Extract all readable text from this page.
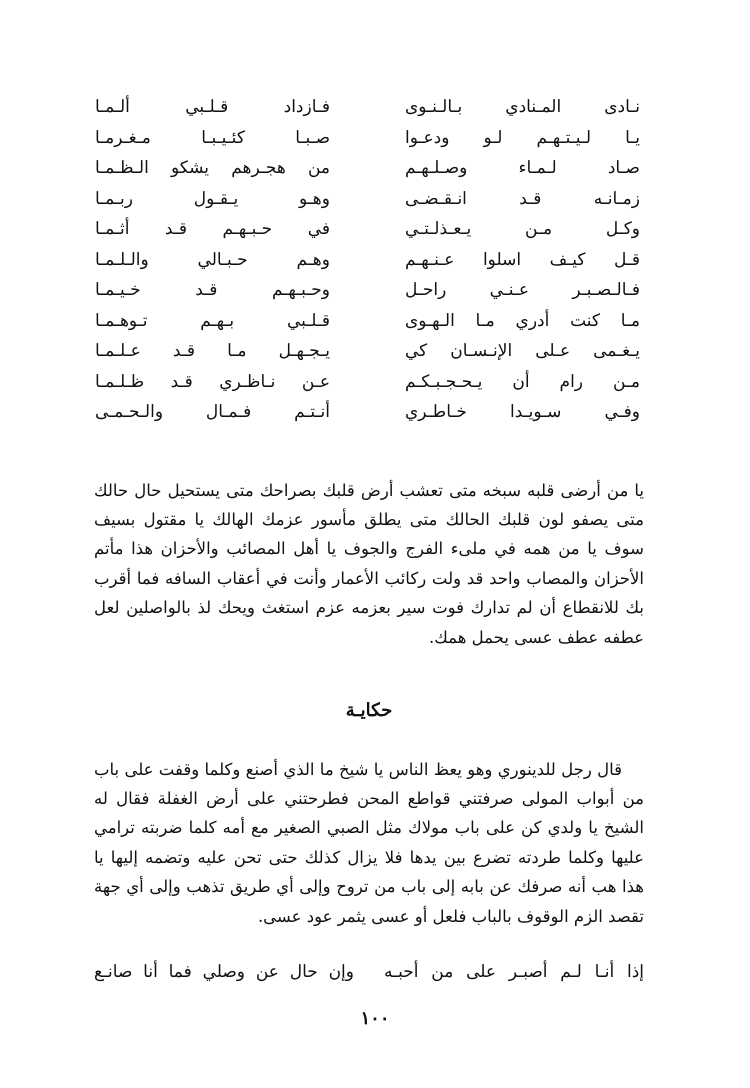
فـازداد قـلـبي ألـمـا	نـادى المـنادي بـالـنـوى
صـبـا كئـيـبـا مـغـرمـا	يـا لـيـتـهـم لـو ودعـوا
من هجـرهم يشكو الـظـمـا	صـاد لـمـاء وصـلـهـم
وهـو يـقـول ربـمـا	زمـانـه قـد انـقـضـى
في حـبـهـم قـد أثـمـا	وكـل مـن يـعـذلـتـي
وهـم حـبـالي والـلـمـا	قـل كيـف اسلوا عـنـهـم
وحـبـهـم قـد خـيـمـا	فـالـصـبـر عـنـي راحـل
قـلـبي بـهـم تـوهـمـا	مـا كنت أدري مـا الـهـوى
يـجـهـل مـا قـد عـلـمـا	يـغـمى عـلى الإنـسـان كي
عـن نـاظـري قـد ظـلـمـا	مـن رام أن يـحـجـبـكـم
أنـتـم فـمـال والـحـمـى	وفـي سـويـدا خـاطـري

يا من أرضى قلبه سبخه متى تعشب أرض قلبك بصراحك متى يستحيل حال حالك متى يصفو لون قلبك الحالك متى يطلق مأسور عزمك الهالك يا مقتول بسيف سوف يا من همه في ملىء الفرج والجوف يا أهل المصائب والأحزان هذا مأتم الأحزان والمصاب واحد قد ولت ركائب الأعمار وأنت في أعقاب السافه فما أقرب بك للانقطاع أن لم تدارك فوت سير بعزمه عزم استغث ويحك لذ بالواصلين لعل عطفه عطف عسى يحمل همك.

حكايـة

قال رجل للدينوري وهو يعظ الناس يا شيخ ما الذي أصنع وكلما وقفت على باب من أبواب المولى صرفتني قواطع المحن فطرحتني على أرض الغفلة فقال له الشيخ يا ولدي كن على باب مولاك مثل الصبي الصغير مع أمه كلما ضربته ترامي عليها وكلما طردته تضرع بين يدها فلا يزال كذلك حتى تحن عليه وتضمه إليها يا هذا هب أنه صرفك عن بابه إلى باب من تروح وإلى أي طريق تذهب وإلى أي جهة تقصد الزم الوقوف بالباب فلعل أو عسى يثمر عود عسى.

وإن حال عن وصلي فما أنا صانـع إذا أنـا لـم أصبـر على من أحبـه
١٠٠
